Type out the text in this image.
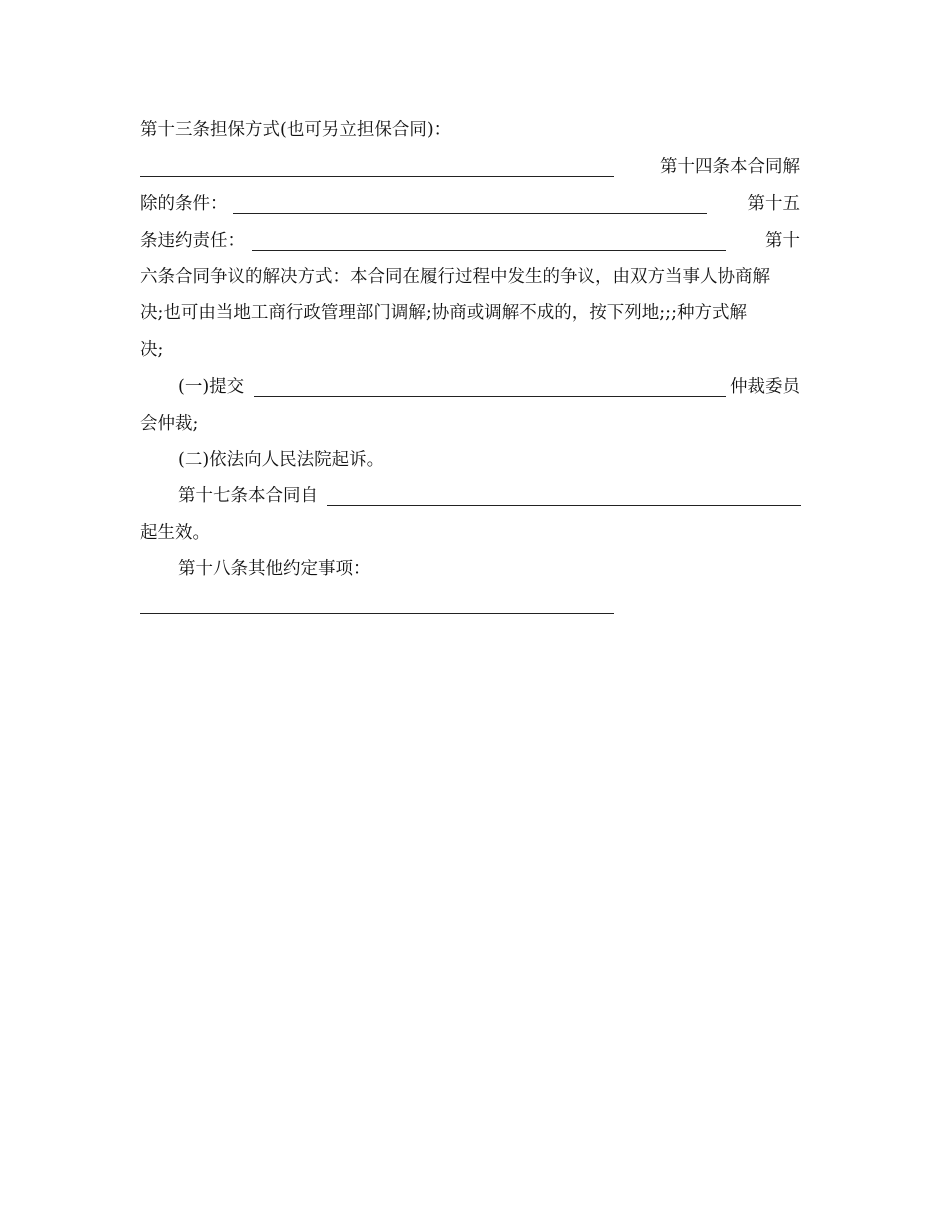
第十三条担保方式(也可另立担保合同)：
第十四条本合同解
除的条件：	第十五
条违约责任：	第十
六条合同争议的解决方式：本合同在履行过程中发生的争议，由双方当事人协商解
决;也可由当地工商行政管理部门调解;协商或调解不成的，按下列地;;;种方式解
决;
(一)提交	仲裁委员
会仲裁;
(二)依法向人民法院起诉。
第十七条本合同自
起生效。
第十八条其他约定事项：
